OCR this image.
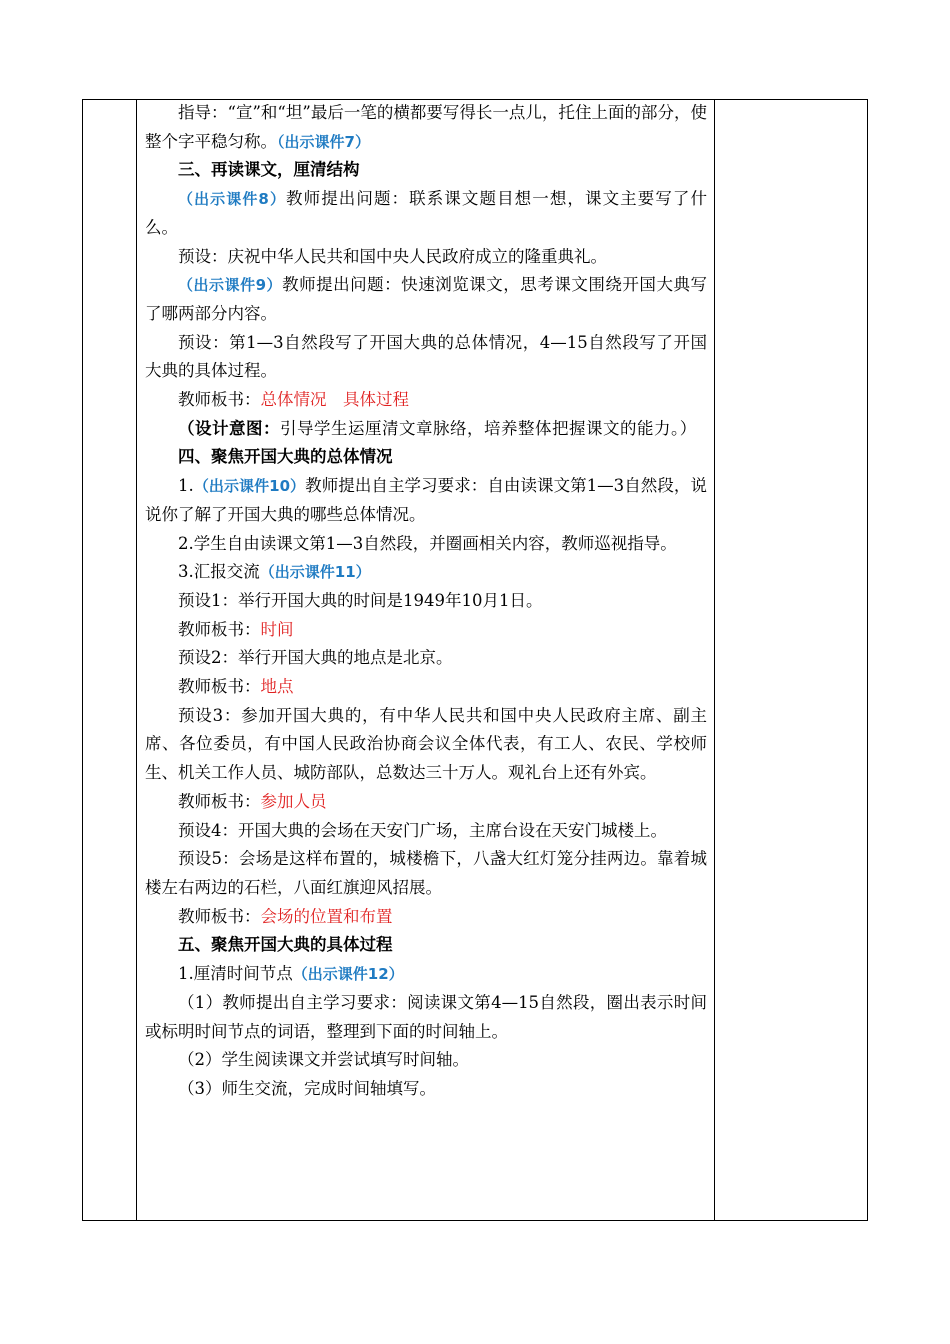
指导：“宣”和“坦”最后一笔的横都要写得长一点儿，托住上面的部分，使整个字平稳匀称。（出示课件7）

三、再读课文，厘清结构

（出示课件8）教师提出问题：联系课文题目想一想，课文主要写了什么。

预设：庆祝中华人民共和国中央人民政府成立的隆重典礼。

（出示课件9）教师提出问题：快速浏览课文，思考课文围绕开国大典写了哪两部分内容。

预设：第1—3自然段写了开国大典的总体情况，4—15自然段写了开国大典的具体过程。

教师板书：总体情况　具体过程

（设计意图：引导学生运厘清文章脉络，培养整体把握课文的能力。）

四、聚焦开国大典的总体情况

1.（出示课件10）教师提出自主学习要求：自由读课文第1—3自然段，说说你了解了开国大典的哪些总体情况。

2.学生自由读课文第1—3自然段，并圈画相关内容，教师巡视指导。

3.汇报交流（出示课件11）

预设1：举行开国大典的时间是1949年10月1日。

教师板书：时间

预设2：举行开国大典的地点是北京。

教师板书：地点

预设3：参加开国大典的，有中华人民共和国中央人民政府主席、副主席、各位委员，有中国人民政治协商会议全体代表，有工人、农民、学校师生、机关工作人员、城防部队，总数达三十万人。观礼台上还有外宾。

教师板书：参加人员

预设4：开国大典的会场在天安门广场，主席台设在天安门城楼上。

预设5：会场是这样布置的，城楼檐下，八盏大红灯笼分挂两边。靠着城楼左右两边的石栏，八面红旗迎风招展。

教师板书：会场的位置和布置

五、聚焦开国大典的具体过程

1.厘清时间节点（出示课件12）

（1）教师提出自主学习要求：阅读课文第4—15自然段，圈出表示时间或标明时间节点的词语，整理到下面的时间轴上。

（2）学生阅读课文并尝试填写时间轴。

（3）师生交流，完成时间轴填写。
